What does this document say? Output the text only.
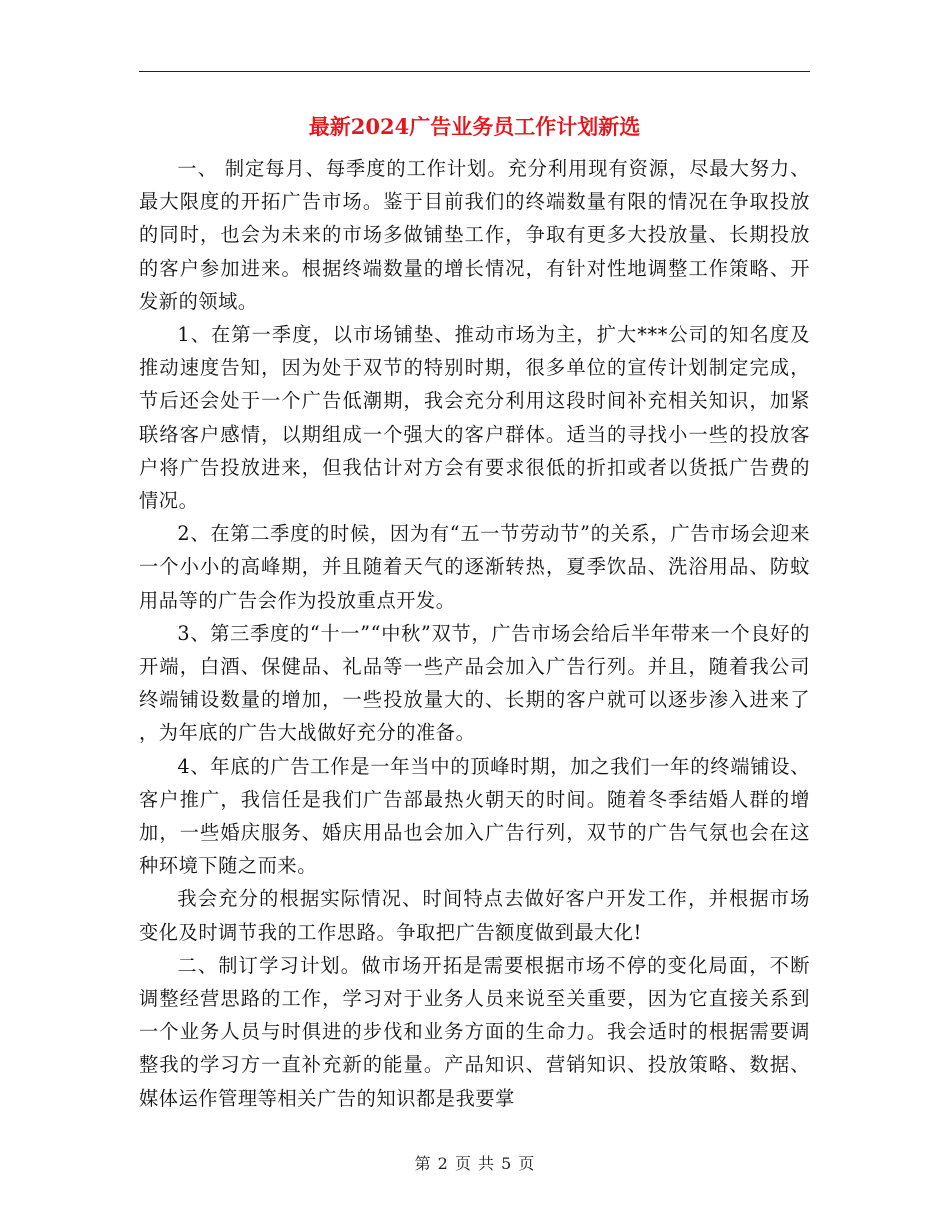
最新2024广告业务员工作计划新选

一、 制定每月、每季度的工作计划。充分利用现有资源，尽最大努力、最大限度的开拓广告市场。鉴于目前我们的终端数量有限的情况在争取投放的同时，也会为未来的市场多做铺垫工作，争取有更多大投放量、长期投放的客户参加进来。根据终端数量的增长情况，有针对性地调整工作策略、开发新的领域。

1、在第一季度，以市场铺垫、推动市场为主，扩大***公司的知名度及推动速度告知，因为处于双节的特别时期，很多单位的宣传计划制定完成，节后还会处于一个广告低潮期，我会充分利用这段时间补充相关知识，加紧联络客户感情，以期组成一个强大的客户群体。适当的寻找小一些的投放客户将广告投放进来，但我估计对方会有要求很低的折扣或者以货抵广告费的情况。

2、在第二季度的时候，因为有“五一节劳动节”的关系，广告市场会迎来一个小小的高峰期，并且随着天气的逐渐转热，夏季饮品、洗浴用品、防蚊用品等的广告会作为投放重点开发。

3、第三季度的“十一”“中秋”双节，广告市场会给后半年带来一个良好的开端，白酒、保健品、礼品等一些产品会加入广告行列。并且，随着我公司终端铺设数量的增加，一些投放量大的、长期的客户就可以逐步渗入进来了，为年底的广告大战做好充分的准备。

4、年底的广告工作是一年当中的顶峰时期，加之我们一年的终端铺设、客户推广，我信任是我们广告部最热火朝天的时间。随着冬季结婚人群的增加，一些婚庆服务、婚庆用品也会加入广告行列，双节的广告气氛也会在这种环境下随之而来。

我会充分的根据实际情况、时间特点去做好客户开发工作，并根据市场变化及时调节我的工作思路。争取把广告额度做到最大化!

二、制订学习计划。做市场开拓是需要根据市场不停的变化局面，不断调整经营思路的工作，学习对于业务人员来说至关重要，因为它直接关系到一个业务人员与时俱进的步伐和业务方面的生命力。我会适时的根据需要调整我的学习方一直补充新的能量。产品知识、营销知识、投放策略、数据、媒体运作管理等相关广告的知识都是我要掌

第 2 页 共 5 页
